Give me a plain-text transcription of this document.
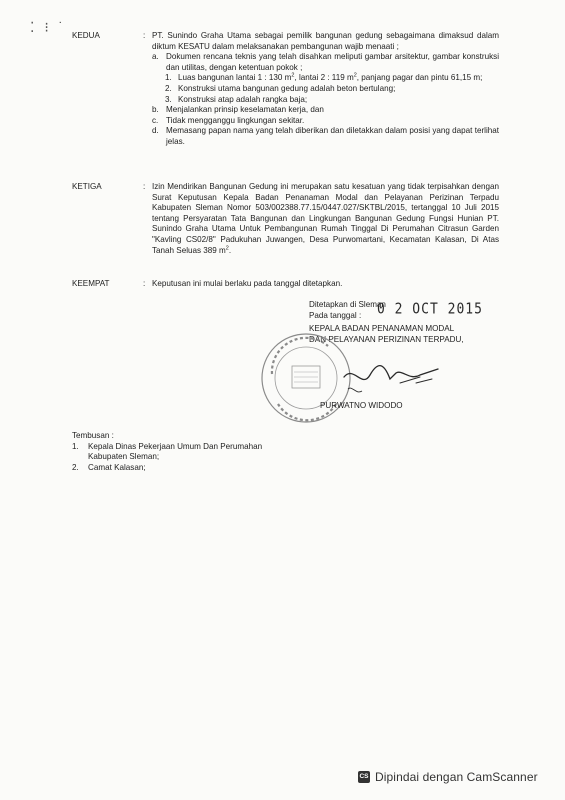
⁚ ⁝ ˙
KEDUA	: PT. Sunindo Graha Utama sebagai pemilik bangunan gedung sebagaimana dimaksud dalam diktum KESATU dalam melaksanakan pembangunan wajib menaati ;
a. Dokumen rencana teknis yang telah disahkan meliputi gambar arsitektur, gambar konstruksi dan utilitas, dengan ketentuan pokok ;
1. Luas bangunan lantai 1 : 130 $m^2$, lantai 2 : 119 $m^2$, panjang pagar dan pintu 61,15 m;
2. Konstruksi utama bangunan gedung adalah beton bertulang;
3. Konstruksi atap adalah rangka baja;
b. Menjalankan prinsip keselamatan kerja, dan
c. Tidak mengganggu lingkungan sekitar.
d. Memasang papan nama yang telah diberikan dan diletakkan dalam posisi yang dapat terlihat jelas.
KETIGA	: Izin Mendirikan Bangunan Gedung ini merupakan satu kesatuan yang tidak terpisahkan dengan Surat Keputusan Kepala Badan Penanaman Modal dan Pelayanan Perizinan Terpadu Kabupaten Sleman Nomor 503/002388.77.15/0447.027/SKTBL/2015, tertanggal 10 Juli 2015 tentang Persyaratan Tata Bangunan dan Lingkungan Bangunan Gedung Fungsi Hunian PT. Sunindo Graha Utama Untuk Pembangunan Rumah Tinggal Di Perumahan Citrasun Garden "Kavling CS02/8" Padukuhan Juwangen, Desa Purwomartani, Kecamatan Kalasan, Di Atas Tanah Seluas 389 $m^2$.
KEEMPAT	: Keputusan ini mulai berlaku pada tanggal ditetapkan.
Ditetapkan di Sleman
Pada tanggal : 0 2 OCT 2015
KEPALA BADAN PENANAMAN MODAL
DAN PELAYANAN PERIZINAN TERPADU,
PURWATNO WIDODO
Tembusan :
1. Kepala Dinas Pekerjaan Umum Dan Perumahan Kabupaten Sleman;
2. Camat Kalasan;
CS Dipindai dengan CamScanner
